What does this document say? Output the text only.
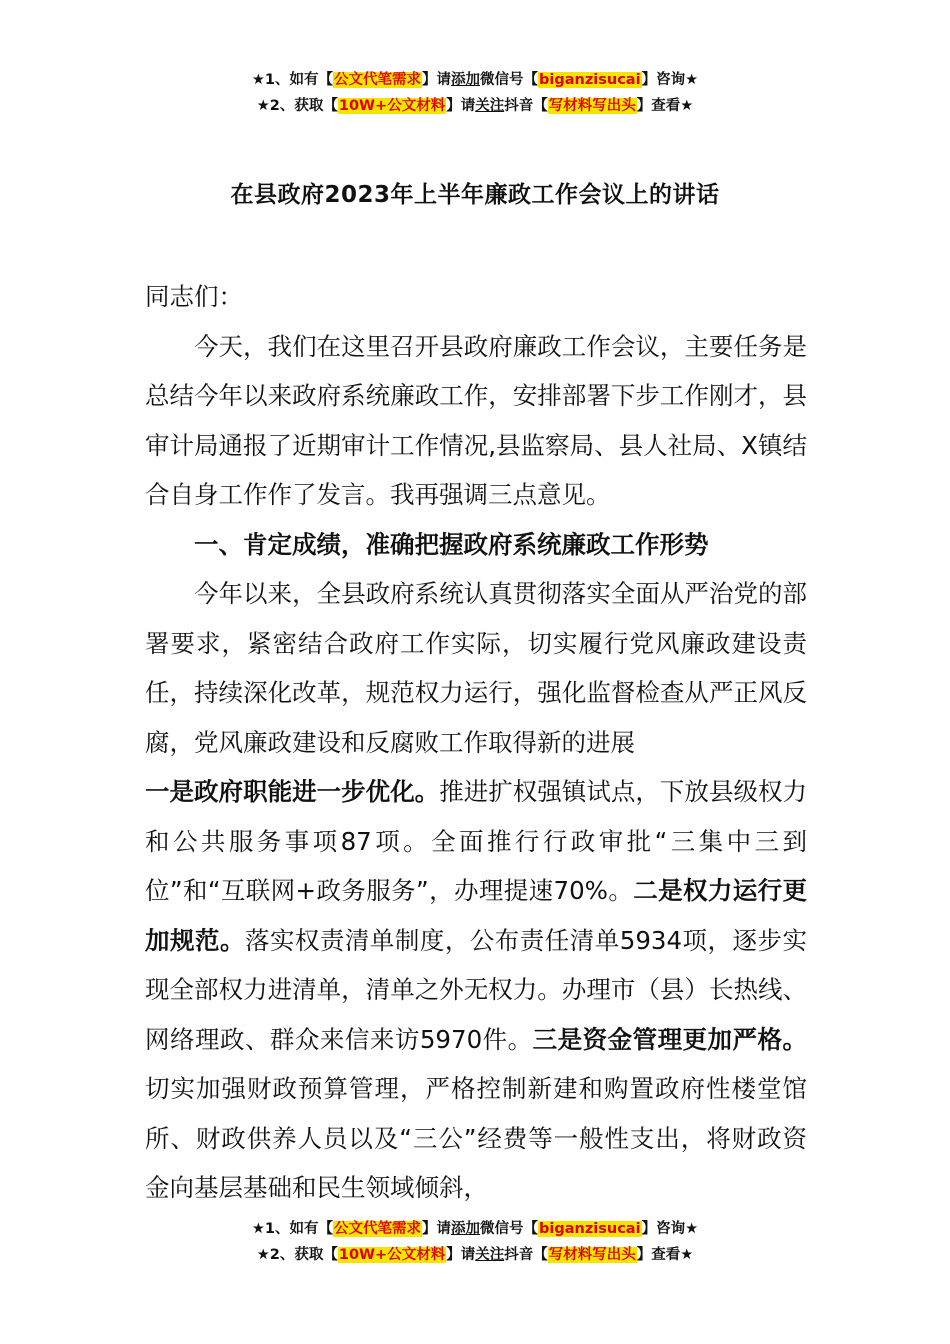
★1、如有【公文代笔需求】请添加微信号【biganzisucai】咨询★
★2、获取【10W+公文材料】请关注抖音【写材料写出头】查看★
在县政府2023年上半年廉政工作会议上的讲话

同志们：

今天，我们在这里召开县政府廉政工作会议，主要任务是总结今年以来政府系统廉政工作，安排部署下步工作刚才，县审计局通报了近期审计工作情况,县监察局、县人社局、X镇结合自身工作作了发言。我再强调三点意见。

一、肯定成绩，准确把握政府系统廉政工作形势

今年以来，全县政府系统认真贯彻落实全面从严治党的部署要求，紧密结合政府工作实际，切实履行党风廉政建设责任，持续深化改革，规范权力运行，强化监督检查从严正风反腐，党风廉政建设和反腐败工作取得新的进展

一是政府职能进一步优化。推进扩权强镇试点，下放县级权力和公共服务事项87项。全面推行行政审批“三集中三到位”和“互联网+政务服务”，办理提速70%。二是权力运行更加规范。落实权责清单制度，公布责任清单5934项，逐步实现全部权力进清单，清单之外无权力。办理市（县）长热线、网络理政、群众来信来访5970件。三是资金管理更加严格。切实加强财政预算管理，严格控制新建和购置政府性楼堂馆所、财政供养人员以及“三公”经费等一般性支出，将财政资金向基层基础和民生领域倾斜，

★1、如有【公文代笔需求】请添加微信号【biganzisucai】咨询★
★2、获取【10W+公文材料】请关注抖音【写材料写出头】查看★
